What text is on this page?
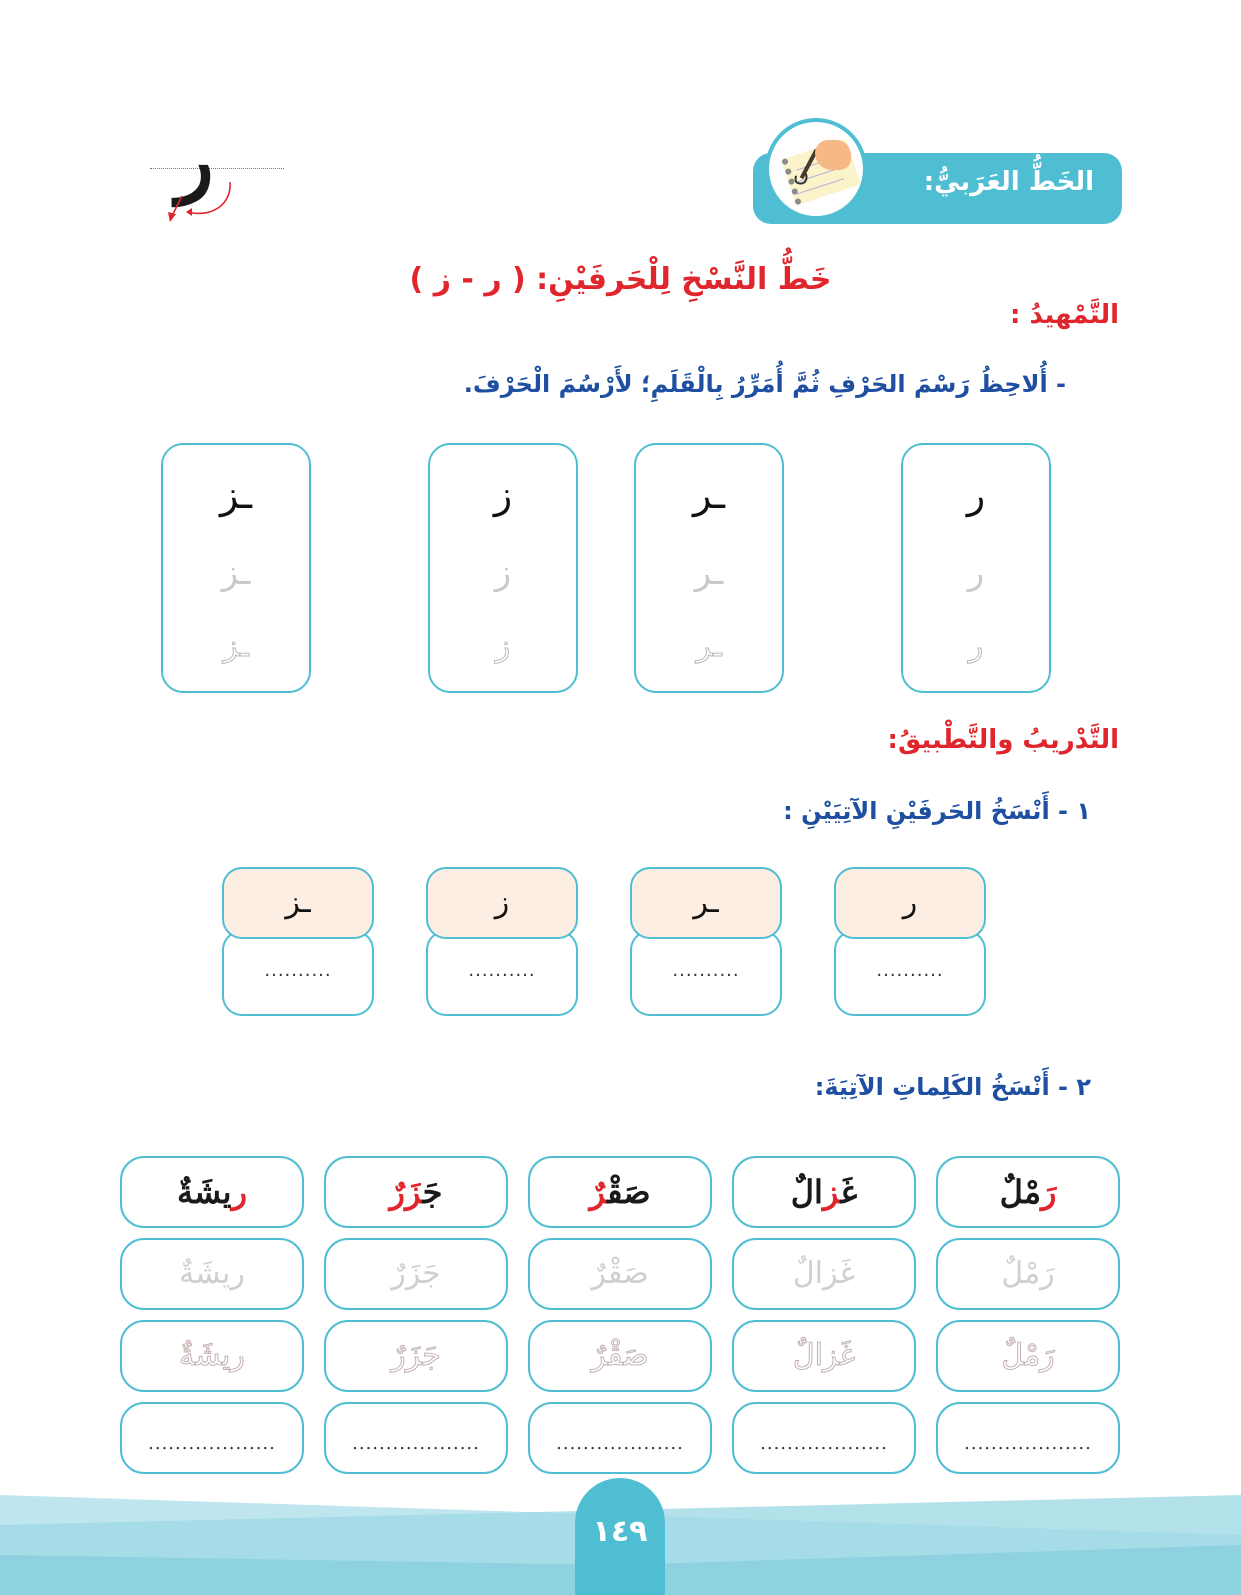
الخَطُّ العَرَبيُّ:
ں
ر
خَطُّ النَّسْخِ لِلْحَرفَيْنِ: ( ر - ز )
التَّمْهيدُ :
- أُلاحِظُ رَسْمَ الحَرْفِ ثُمَّ أُمَرِّرُ بِالْقَلَمِ؛ لأَرْسُمَ الْحَرْفَ.
ر
ر
ر
ـر
ـر
ـر
ز
ز
ز
ـز
ـز
ـز
التَّدْريبُ والتَّطْبيقُ:
١ - أَنْسَخُ الحَرفَيْنِ الآتِيَيْنِ :
ر
..........
ـر
..........
ز
..........
ـز
..........
٢ - أَنْسَخُ الكَلِماتِ الآتِيَةَ:
رَمْلٌ
رَمْلٌ
رَمْلٌ
...................
غَزالٌ
غَزالٌ
غَزالٌ
...................
صَقْرٌ
صَقْرٌ
صَقْرٌ
...................
جَزَرٌ
جَزَرٌ
جَزَرٌ
...................
ريشَةٌ
ريشَةٌ
ريشَةٌ
...................
١٤٩
